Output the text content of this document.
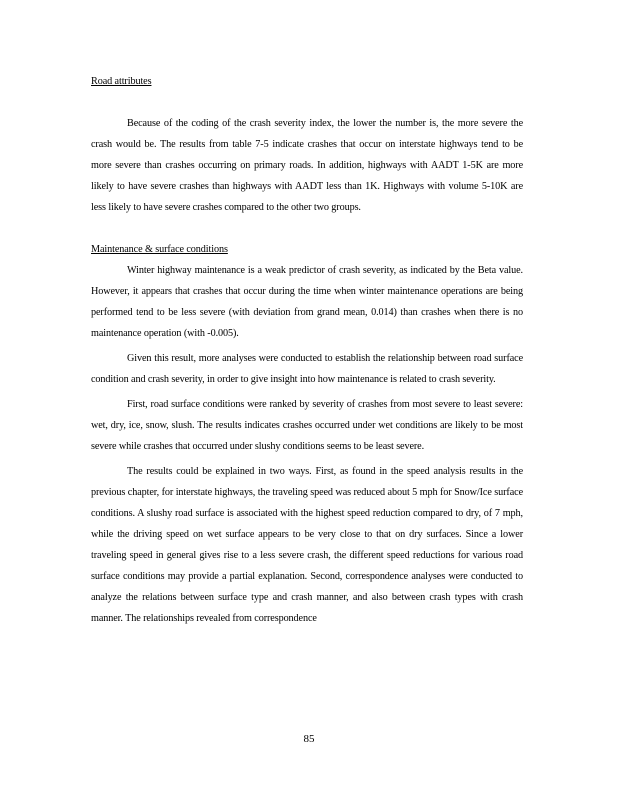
Road attributes

Because of the coding of the crash severity index, the lower the number is, the more severe the crash would be. The results from table 7-5 indicate crashes that occur on interstate highways tend to be more severe than crashes occurring on primary roads. In addition, highways with AADT 1-5K are more likely to have severe crashes than highways with AADT less than 1K. Highways with volume 5-10K are less likely to have severe crashes compared to the other two groups.

Maintenance & surface conditions

Winter highway maintenance is a weak predictor of crash severity, as indicated by the Beta value. However, it appears that crashes that occur during the time when winter maintenance operations are being performed tend to be less severe (with deviation from grand mean, 0.014) than crashes when there is no maintenance operation (with -0.005).

Given this result, more analyses were conducted to establish the relationship between road surface condition and crash severity, in order to give insight into how maintenance is related to crash severity.

First, road surface conditions were ranked by severity of crashes from most severe to least severe: wet, dry, ice, snow, slush. The results indicates crashes occurred under wet conditions are likely to be most severe while crashes that occurred under slushy conditions seems to be least severe.

The results could be explained in two ways. First, as found in the speed analysis results in the previous chapter, for interstate highways, the traveling speed was reduced about 5 mph for Snow/Ice surface conditions. A slushy road surface is associated with the highest speed reduction compared to dry, of 7 mph, while the driving speed on wet surface appears to be very close to that on dry surfaces. Since a lower traveling speed in general gives rise to a less severe crash, the different speed reductions for various road surface conditions may provide a partial explanation. Second, correspondence analyses were conducted to analyze the relations between surface type and crash manner, and also between crash types with crash manner. The relationships revealed from correspondence

85
